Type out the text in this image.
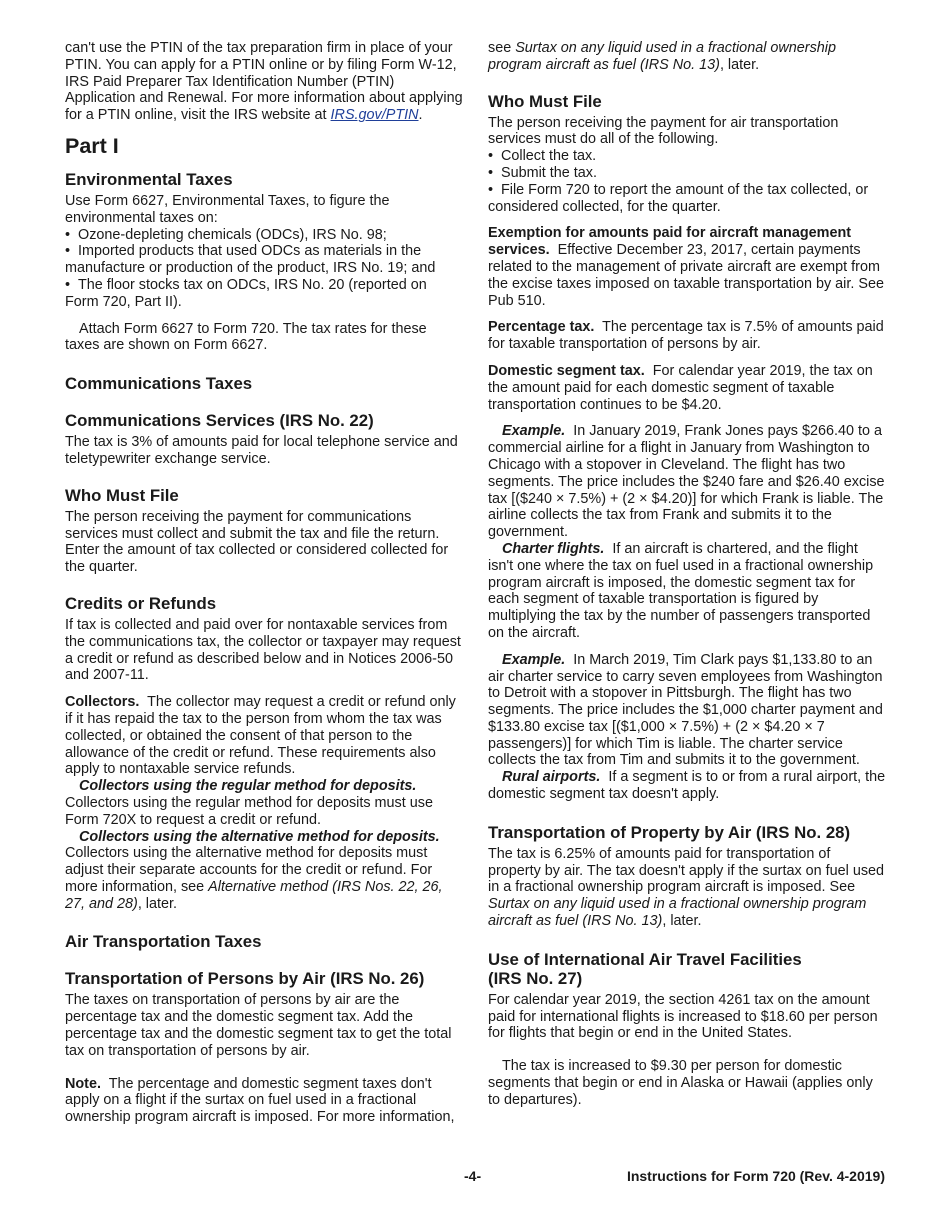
can't use the PTIN of the tax preparation firm in place of your PTIN. You can apply for a PTIN online or by filing Form W-12, IRS Paid Preparer Tax Identification Number (PTIN) Application and Renewal. For more information about applying for a PTIN online, visit the IRS website at IRS.gov/PTIN.

Part I
Environmental Taxes

Use Form 6627, Environmental Taxes, to figure the environmental taxes on:

• Ozone-depleting chemicals (ODCs), IRS No. 98;
• Imported products that used ODCs as materials in the manufacture or production of the product, IRS No. 19; and
• The floor stocks tax on ODCs, IRS No. 20 (reported on Form 720, Part II).

Attach Form 6627 to Form 720. The tax rates for these taxes are shown on Form 6627.

Communications Taxes
Communications Services (IRS No. 22)

The tax is 3% of amounts paid for local telephone service and teletypewriter exchange service.

Who Must File

The person receiving the payment for communications services must collect and submit the tax and file the return. Enter the amount of tax collected or considered collected for the quarter.

Credits or Refunds

If tax is collected and paid over for nontaxable services from the communications tax, the collector or taxpayer may request a credit or refund as described below and in Notices 2006-50 and 2007-11.

Collectors. The collector may request a credit or refund only if it has repaid the tax to the person from whom the tax was collected, or obtained the consent of that person to the allowance of the credit or refund. These requirements also apply to nontaxable service refunds.

Collectors using the regular method for deposits. Collectors using the regular method for deposits must use Form 720X to request a credit or refund.

Collectors using the alternative method for deposits. Collectors using the alternative method for deposits must adjust their separate accounts for the credit or refund. For more information, see Alternative method (IRS Nos. 22, 26, 27, and 28), later.

Air Transportation Taxes
Transportation of Persons by Air (IRS No. 26)

The taxes on transportation of persons by air are the percentage tax and the domestic segment tax. Add the percentage tax and the domestic segment tax to get the total tax on transportation of persons by air.

Note. The percentage and domestic segment taxes don't apply on a flight if the surtax on fuel used in a fractional ownership program aircraft is imposed. For more information,

see Surtax on any liquid used in a fractional ownership program aircraft as fuel (IRS No. 13), later.

Who Must File

The person receiving the payment for air transportation services must do all of the following.

• Collect the tax.
• Submit the tax.
• File Form 720 to report the amount of the tax collected, or considered collected, for the quarter.

Exemption for amounts paid for aircraft management services. Effective December 23, 2017, certain payments related to the management of private aircraft are exempt from the excise taxes imposed on taxable transportation by air. See Pub 510.

Percentage tax. The percentage tax is 7.5% of amounts paid for taxable transportation of persons by air.

Domestic segment tax. For calendar year 2019, the tax on the amount paid for each domestic segment of taxable transportation continues to be $4.20.

Example. In January 2019, Frank Jones pays $266.40 to a commercial airline for a flight in January from Washington to Chicago with a stopover in Cleveland. The flight has two segments. The price includes the $240 fare and $26.40 excise tax [($240 × 7.5%) + (2 × $4.20)] for which Frank is liable. The airline collects the tax from Frank and submits it to the government.

Charter flights. If an aircraft is chartered, and the flight isn't one where the tax on fuel used in a fractional ownership program aircraft is imposed, the domestic segment tax for each segment of taxable transportation is figured by multiplying the tax by the number of passengers transported on the aircraft.

Example. In March 2019, Tim Clark pays $1,133.80 to an air charter service to carry seven employees from Washington to Detroit with a stopover in Pittsburgh. The flight has two segments. The price includes the $1,000 charter payment and $133.80 excise tax [($1,000 × 7.5%) + (2 × $4.20 × 7 passengers)] for which Tim is liable. The charter service collects the tax from Tim and submits it to the government.

Rural airports. If a segment is to or from a rural airport, the domestic segment tax doesn't apply.

Transportation of Property by Air (IRS No. 28)

The tax is 6.25% of amounts paid for transportation of property by air. The tax doesn't apply if the surtax on fuel used in a fractional ownership program aircraft is imposed. See Surtax on any liquid used in a fractional ownership program aircraft as fuel (IRS No. 13), later.

Use of International Air Travel Facilities (IRS No. 27)

For calendar year 2019, the section 4261 tax on the amount paid for international flights is increased to $18.60 per person for flights that begin or end in the United States.

The tax is increased to $9.30 per person for domestic segments that begin or end in Alaska or Hawaii (applies only to departures).

-4-	Instructions for Form 720 (Rev. 4-2019)
